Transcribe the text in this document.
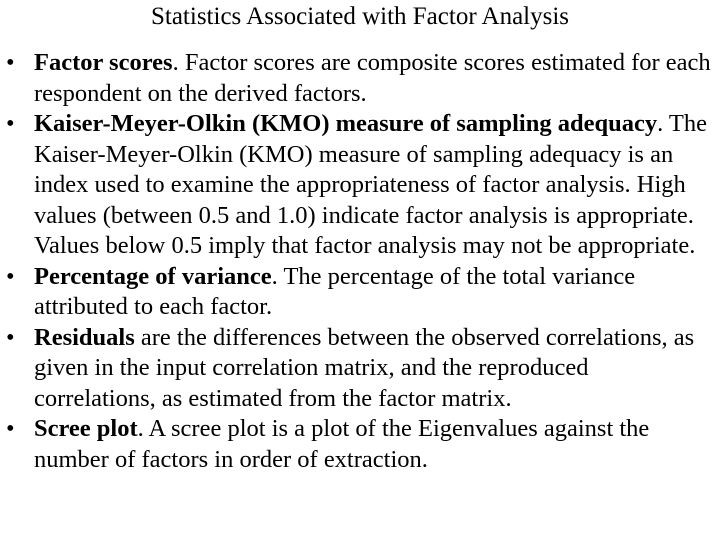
Statistics Associated with Factor Analysis
• Factor scores. Factor scores are composite scores estimated for each respondent on the derived factors.
• Kaiser-Meyer-Olkin (KMO) measure of sampling adequacy. The Kaiser-Meyer-Olkin (KMO) measure of sampling adequacy is an index used to examine the appropriateness of factor analysis. High values (between 0.5 and 1.0) indicate factor analysis is appropriate. Values below 0.5 imply that factor analysis may not be appropriate.
• Percentage of variance. The percentage of the total variance attributed to each factor.
• Residuals are the differences between the observed correlations, as given in the input correlation matrix, and the reproduced correlations, as estimated from the factor matrix.
• Scree plot. A scree plot is a plot of the Eigenvalues against the number of factors in order of extraction.
